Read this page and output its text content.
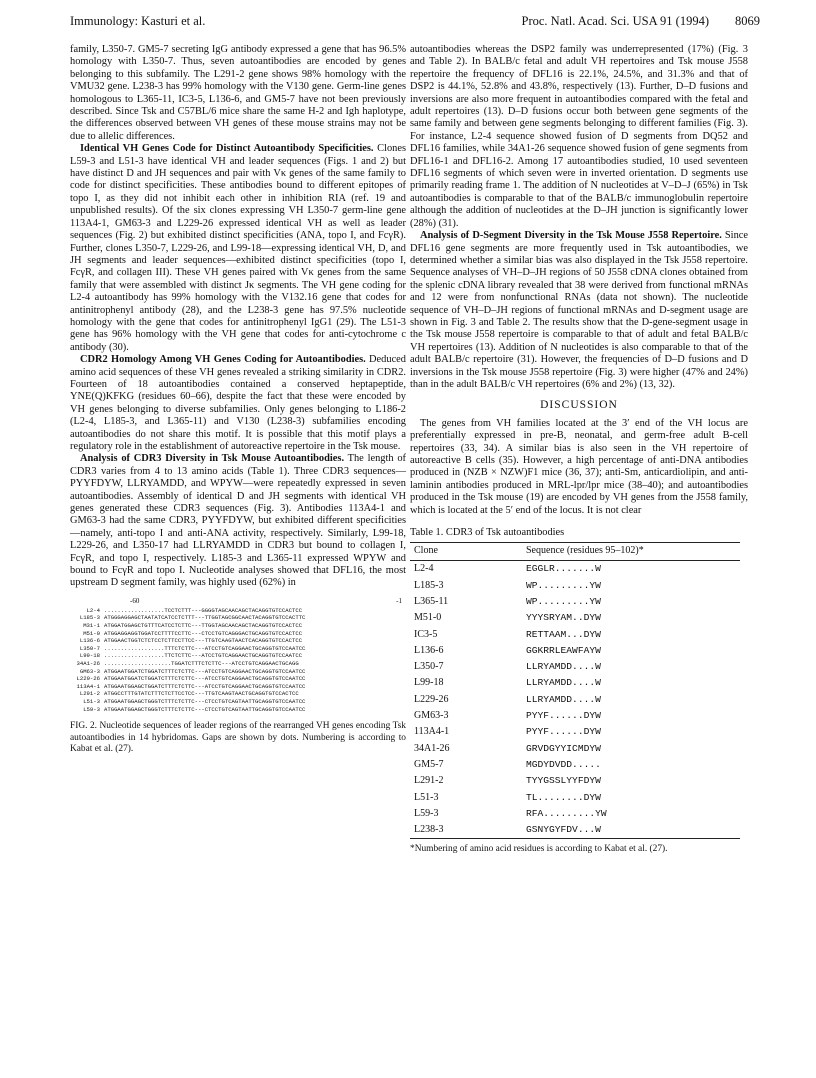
Immunology: Kasturi et al.	Proc. Natl. Acad. Sci. USA 91 (1994) 8069

family, L350-7. GM5-7 secreting IgG antibody expressed a gene that has 96.5% homology with L350-7. Thus, seven autoantibodies are encoded by genes belonging to this subfamily. The L291-2 gene shows 98% homology with the VMU32 gene. L238-3 has 99% homology with the V130 gene. Germ-line genes homologous to L365-11, IC3-5, L136-6, and GM5-7 have not been previously described. Since Tsk and C57BL/6 mice share the same H-2 and Igh haplotype, the differences observed between VH genes of these mouse strains may not be due to allelic differences.

Identical VH Genes Code for Distinct Autoantibody Specificities. Clones L59-3 and L51-3 have identical VH and leader sequences (Figs. 1 and 2) but have distinct D and JH sequences and pair with Vκ genes of the same family to code for distinct specificities. These antibodies bound to different epitopes of topo I, as they did not inhibit each other in inhibition RIA (ref. 19 and unpublished results). Of the six clones expressing VH L350-7 germ-line gene 113A4-1, GM63-3 and L229-26 expressed identical VH as well as leader sequences (Fig. 2) but exhibited distinct specificities (ANA, topo I, and FcγR). Further, clones L350-7, L229-26, and L99-18—expressing identical VH, D, and JH segments and leader sequences—exhibited distinct specificities (topo I, FcγR, and collagen III). These VH genes paired with Vκ genes from the same family that were assembled with distinct Jκ segments. The VH gene coding for L2-4 autoantibody has 99% homology with the V132.16 gene that codes for antinitrophenyl antibody (28), and the L238-3 gene has 97.5% nucleotide homology with the gene that codes for antinitrophenyl IgG1 (29). The L51-3 gene has 96% homology with the VH gene that codes for anti-cytochrome c antibody (30).

CDR2 Homology Among VH Genes Coding for Autoantibodies. Deduced amino acid sequences of these VH genes revealed a striking similarity in CDR2. Fourteen of 18 autoantibodies contained a conserved heptapeptide, YNE(Q)KFKG (residues 60–66), despite the fact that these were encoded by VH genes belonging to diverse subfamilies. Only genes belonging to L186-2 (L2-4, L185-3, and L365-11) and V130 (L238-3) subfamilies encoding autoantibodies do not share this motif. It is possible that this motif plays a regulatory role in the establishment of autoreactive repertoire in the Tsk mouse.

Analysis of CDR3 Diversity in Tsk Mouse Autoantibodies. The length of CDR3 varies from 4 to 13 amino acids (Table 1). Three CDR3 sequences—PYYFDYW, LLRYAMDD, and WPYW—were repeatedly expressed in seven autoantibodies. Assembly of identical D and JH segments with identical VH genes generated these CDR3 sequences (Fig. 3). Antibodies 113A4-1 and GM63-3 had the same CDR3, PYYFDYW, but exhibited different specificities—namely, anti-topo I and anti-ANA activity, respectively. Similarly, L99-18, L229-26, and L350-17 had LLRYAMDD in CDR3 but bound to collagen I, FcγR, and topo I, respectively. L185-3 and L365-11 expressed WPYW and bound to FcγR and topo I. Nucleotide analyses showed that DFL16, the most upstream D segment family, was highly used (62%) in

-60	-1
L2-4 ..................TCCTCTTT---GGGGTAGCAACAGCTACAGGTGTCCACTCC
L185-3 ATGGGAGGAGCTAATATCATCCTCTTT---TTGGTAGCGGCAACTACAGGTGTCCACTTC
M31-1 ATGGATGGAGCTGTTTCATCCTCTTC---TTGGTAGCAACAGCTACAGGTGTCCACTCC
M51-0 ATGGAGGAGGTGGATCCTTTTCCTTC---CTCCTGTCAGGGACTGCAGGTGTCCACTCC
L136-6 ATGGAACTGGTCTCTCCTCTTCCTTCC---TTGTCAAGTAACTCACAGGTGTCCACTCC
L350-7 ..................TTTCTCTTC---ATCCTGTCAGGAACTGCAGGTGTCCAATCC
L99-18 ..................TTCTCTTC---ATCCTGTCAGGAACTGCAGGTGTCCAATCC
34A1-26 ....................TGGATCTTTCTCTTC---ATCCTGTCAGGAACTGCAGG
GM63-3 ATGGAATGGATCTGGATCTTTCTCTTC---ATCCTGTCAGGAACTGCAGGTGTCCAATCC
L229-26 ATGGAATGGATCTGGATCTTTCTCTTC---ATCCTGTCAGGAACTGCAGGTGTCCAATCC
113A4-1 ATGGAATGGAGCTGGATCTTTCTCTTC---ATCCTGTCAGGAACTGCAGGTGTCCAATCC
L291-2 ATGGCCTTTGTATCTTTCTCTTCCTCC---TTGTCAAGTAACTGCAGGTGTCCACTCC
L51-3 ATGGAATGGAGCTGGGTCTTTCTCTTC---CTCCTGTCAGTAATTGCAGGTGTCCAATCC
L59-3 ATGGAATGGAGCTGGGTCTTTCTCTTC---CTCCTGTCAGTAATTGCAGGTGTCCAATCC
FIG. 2. Nucleotide sequences of leader regions of the rearranged VH genes encoding Tsk autoantibodies in 14 hybridomas. Gaps are shown by dots. Numbering is according to Kabat et al. (27).

autoantibodies whereas the DSP2 family was underrepresented (17%) (Fig. 3 and Table 2). In BALB/c fetal and adult VH repertoires and Tsk mouse J558 repertoire the frequency of DFL16 is 22.1%, 24.5%, and 31.3% and that of DSP2 is 44.1%, 52.8% and 43.8%, respectively (13). Further, D–D fusions and inversions are also more frequent in autoantibodies compared with the fetal and adult repertoires (13). D–D fusions occur both between gene segments of the same family and between gene segments belonging to different families (Fig. 3). For instance, L2-4 sequence showed fusion of D segments from DQ52 and DFL16 families, while 34A1-26 sequence showed fusion of gene segments from DFL16-1 and DFL16-2. Among 17 autoantibodies studied, 10 used seventeen DFL16 segments of which seven were in inverted orientation. D segments use primarily reading frame 1. The addition of N nucleotides at V–D–J (65%) in Tsk autoantibodies is comparable to that of the BALB/c immunoglobulin repertoire although the addition of nucleotides at the D–JH junction is significantly lower (28%) (31).

Analysis of D-Segment Diversity in the Tsk Mouse J558 Repertoire. Since DFL16 gene segments are more frequently used in Tsk autoantibodies, we determined whether a similar bias was also displayed in the Tsk J558 repertoire. Sequence analyses of VH–D–JH regions of 50 J558 cDNA clones obtained from the splenic cDNA library revealed that 38 were derived from functional mRNAs and 12 were from nonfunctional RNAs (data not shown). The nucleotide sequence of VH–D–JH regions of functional mRNAs and D-segment usage are shown in Fig. 3 and Table 2. The results show that the D-gene-segment usage in the Tsk mouse J558 repertoire is comparable to that of adult and fetal BALB/c VH repertoires (13). Addition of N nucleotides is also comparable to that of the adult BALB/c repertoire (31). However, the frequencies of D–D fusions and D inversions in the Tsk mouse J558 repertoire (Fig. 3) were higher (47% and 24%) than in the adult BALB/c VH repertoires (6% and 2%) (13, 32).

DISCUSSION

The genes from VH families located at the 3′ end of the VH locus are preferentially expressed in pre-B, neonatal, and germ-free adult B-cell repertoires (33, 34). A similar bias is also seen in the VH repertoire of autoreactive B cells (35). However, a high percentage of anti-DNA antibodies produced in (NZB × NZW)F1 mice (36, 37); anti-Sm, anticardiolipin, and anti-laminin antibodies produced in MRL-lpr/lpr mice (38–40); and autoantibodies produced in the Tsk mouse (19) are encoded by VH genes from the J558 family, which is located at the 5′ end of the locus. It is not clear

Table 1. CDR3 of Tsk autoantibodies
Clone	Sequence (residues 95–102)*
L2-4	EGGLR.......W
L185-3	WP.........YW
L365-11	WP.........YW
M51-0	YYYSRYAM..DYW
IC3-5	RETTAAM...DYW
L136-6	GGKRRLEAWFAYW
L350-7	LLRYAMDD....W
L99-18	LLRYAMDD....W
L229-26	LLRYAMDD....W
GM63-3	PYYF......DYW
113A4-1	PYYF......DYW
34A1-26	GRVDGYYICMDYW
GM5-7	MGDYDVDD.....
L291-2	TYYGSSLYYFDYW
L51-3	TL........DYW
L59-3	RFA.........YW
L238-3	GSNYGYFDV...W
*Numbering of amino acid residues is according to Kabat et al. (27).
